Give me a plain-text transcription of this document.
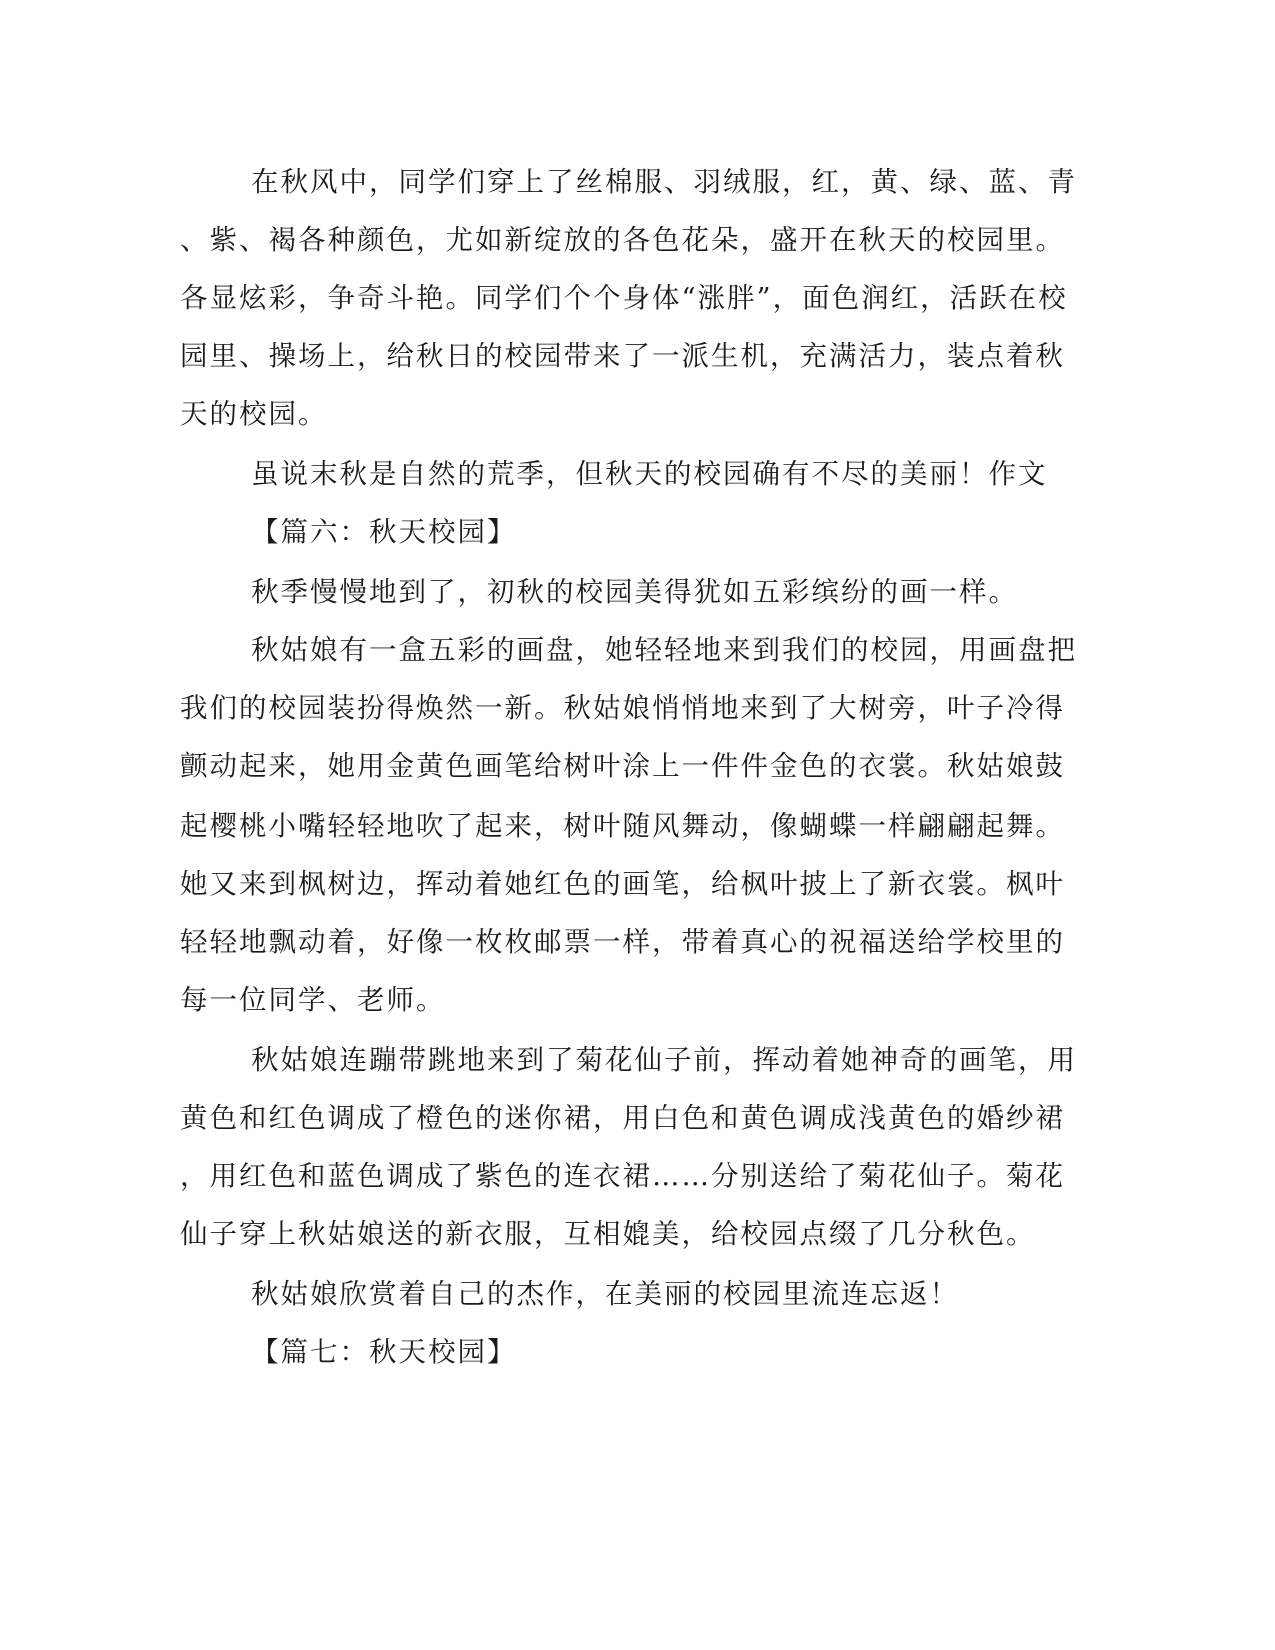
在秋风中，同学们穿上了丝棉服、羽绒服，红，黄、绿、蓝、青
、紫、褐各种颜色，尤如新绽放的各色花朵，盛开在秋天的校园里。
各显炫彩，争奇斗艳。同学们个个身体“涨胖”，面色润红，活跃在校
园里、操场上，给秋日的校园带来了一派生机，充满活力，装点着秋
天的校园。
虽说末秋是自然的荒季，但秋天的校园确有不尽的美丽！作文
【篇六：秋天校园】
秋季慢慢地到了，初秋的校园美得犹如五彩缤纷的画一样。
秋姑娘有一盒五彩的画盘，她轻轻地来到我们的校园，用画盘把
我们的校园装扮得焕然一新。秋姑娘悄悄地来到了大树旁，叶子冷得
颤动起来，她用金黄色画笔给树叶涂上一件件金色的衣裳。秋姑娘鼓
起樱桃小嘴轻轻地吹了起来，树叶随风舞动，像蝴蝶一样翩翩起舞。
她又来到枫树边，挥动着她红色的画笔，给枫叶披上了新衣裳。枫叶
轻轻地飘动着，好像一枚枚邮票一样，带着真心的祝福送给学校里的
每一位同学、老师。
秋姑娘连蹦带跳地来到了菊花仙子前，挥动着她神奇的画笔，用
黄色和红色调成了橙色的迷你裙，用白色和黄色调成浅黄色的婚纱裙
，用红色和蓝色调成了紫色的连衣裙……分别送给了菊花仙子。菊花
仙子穿上秋姑娘送的新衣服，互相媲美，给校园点缀了几分秋色。
秋姑娘欣赏着自己的杰作，在美丽的校园里流连忘返！
【篇七：秋天校园】
